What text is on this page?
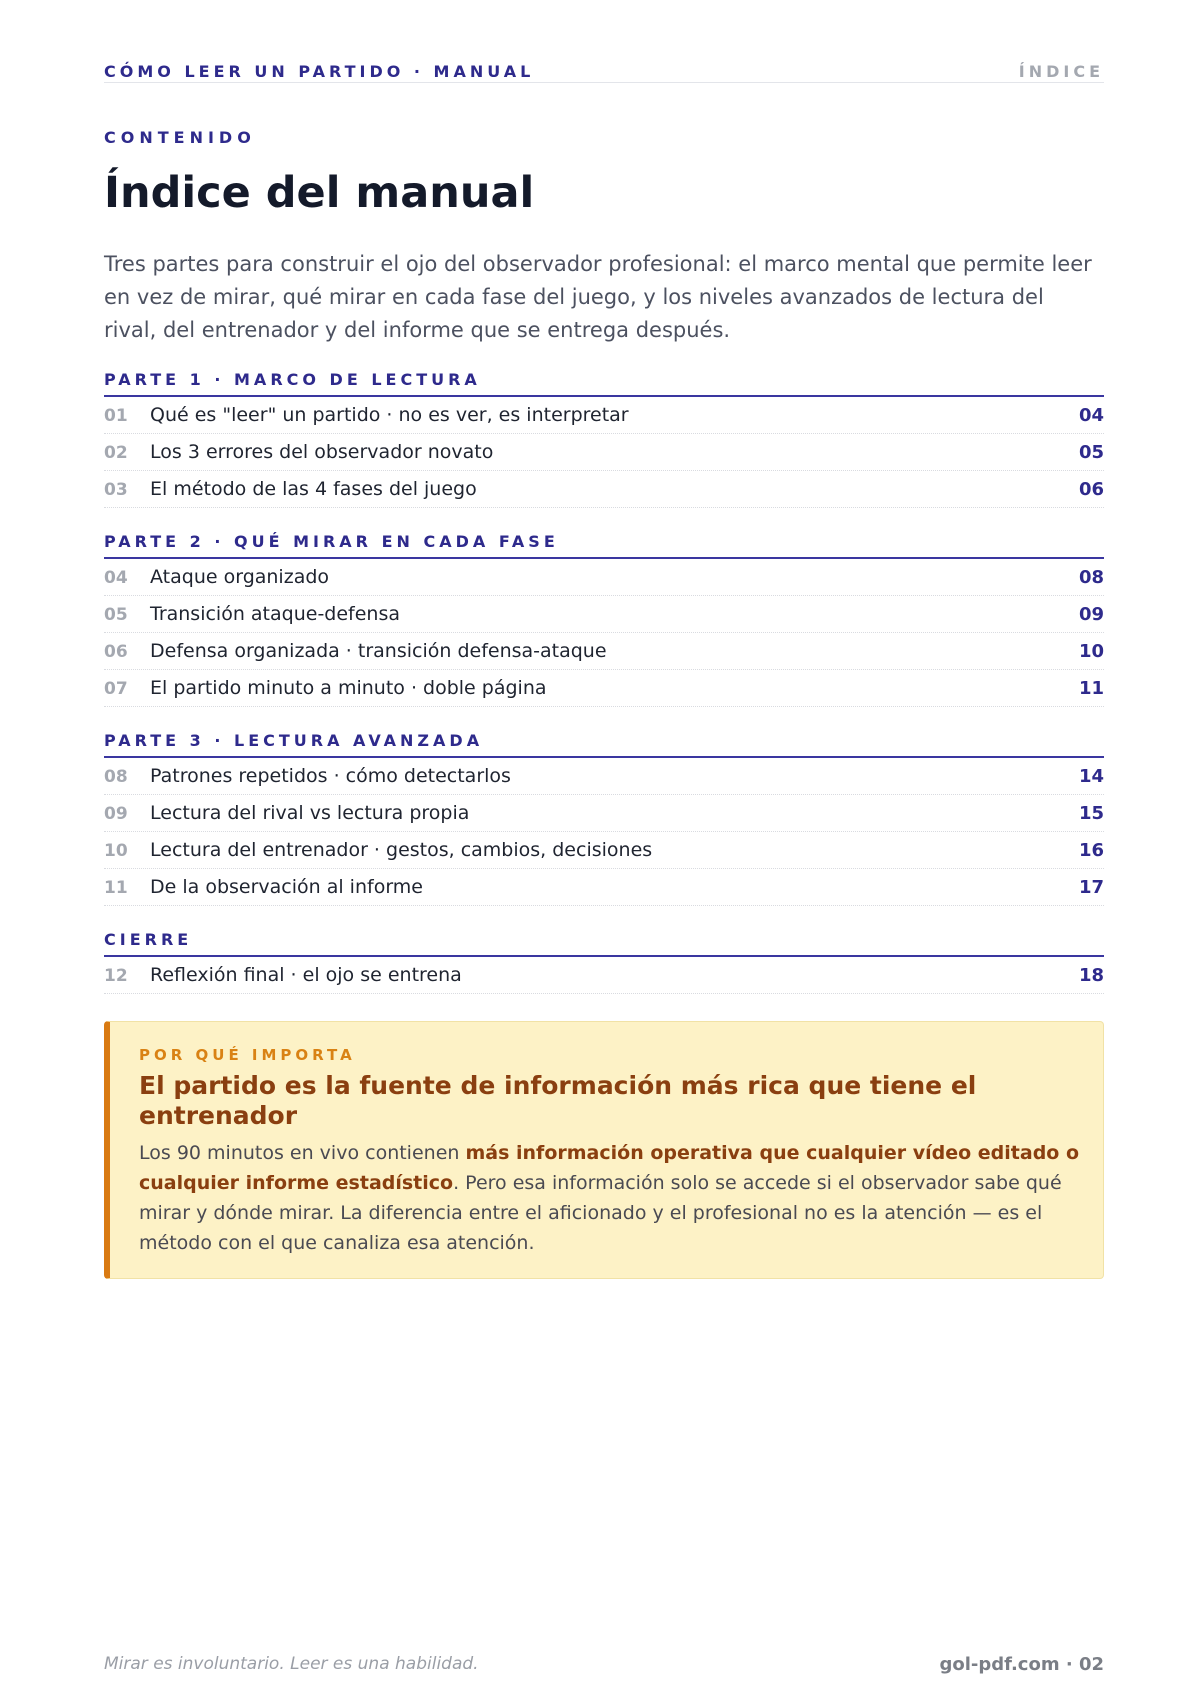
CÓMO LEER UN PARTIDO · MANUAL	ÍNDICE
CONTENIDO
Índice del manual

Tres partes para construir el ojo del observador profesional: el marco mental que permite leer en vez de mirar, qué mirar en cada fase del juego, y los niveles avanzados de lectura del rival, del entrenador y del informe que se entrega después.

PARTE 1 · MARCO DE LECTURA
01 Qué es "leer" un partido · no es ver, es interpretar	04
02 Los 3 errores del observador novato	05
03 El método de las 4 fases del juego	06
PARTE 2 · QUÉ MIRAR EN CADA FASE
04 Ataque organizado	08
05 Transición ataque-defensa	09
06 Defensa organizada · transición defensa-ataque	10
07 El partido minuto a minuto · doble página	11
PARTE 3 · LECTURA AVANZADA
08 Patrones repetidos · cómo detectarlos	14
09 Lectura del rival vs lectura propia	15
10 Lectura del entrenador · gestos, cambios, decisiones	16
11 De la observación al informe	17
CIERRE
12 Reflexión final · el ojo se entrena	18
POR QUÉ IMPORTA
El partido es la fuente de información más rica que tiene el entrenador

Los 90 minutos en vivo contienen más información operativa que cualquier vídeo editado o cualquier informe estadístico. Pero esa información solo se accede si el observador sabe qué mirar y dónde mirar. La diferencia entre el aficionado y el profesional no es la atención — es el método con el que canaliza esa atención.

Mirar es involuntario. Leer es una habilidad.	gol-pdf.com · 02
